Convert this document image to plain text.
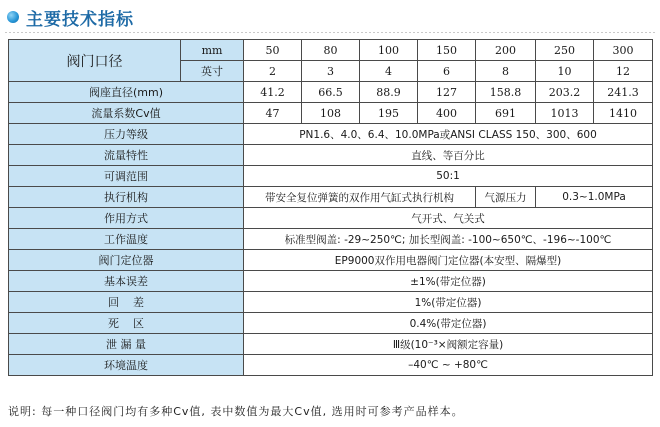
主要技术指标
阀门口径	mm	50	80	100	150	200	250	300
	英寸	2	3	4	6	8	10	12
阀座直径(mm)		41.2	66.5	88.9	127	158.8	203.2	241.3
流量系数Cv值		47	108	195	400	691	1013	1410
压力等级		PN1.6、4.0、6.4、10.0MPa或ANSI CLASS 150、300、600						
流量特性		直线、等百分比						
可调范围		50:1						
执行机构		带安全复位弹簧的双作用气缸式执行机构				气源压力	0.3~1.0MPa	
作用方式		气开式、气关式						
工作温度		标准型阀盖: -29~250℃; 加长型阀盖: -100~650℃、-196~-100℃						
阀门定位器		EP9000双作用电器阀门定位器(本安型、隔爆型)						
基本误差		±1%(带定位器)						
回    差		1%(带定位器)						
死    区		0.4%(带定位器)						
泄 漏 量		Ⅲ级(10⁻³×阀额定容量)						
环境温度		–40℃ ~ +80℃						
说明: 每一种口径阀门均有多种Cv值, 表中数值为最大Cv值, 选用时可参考产品样本。
